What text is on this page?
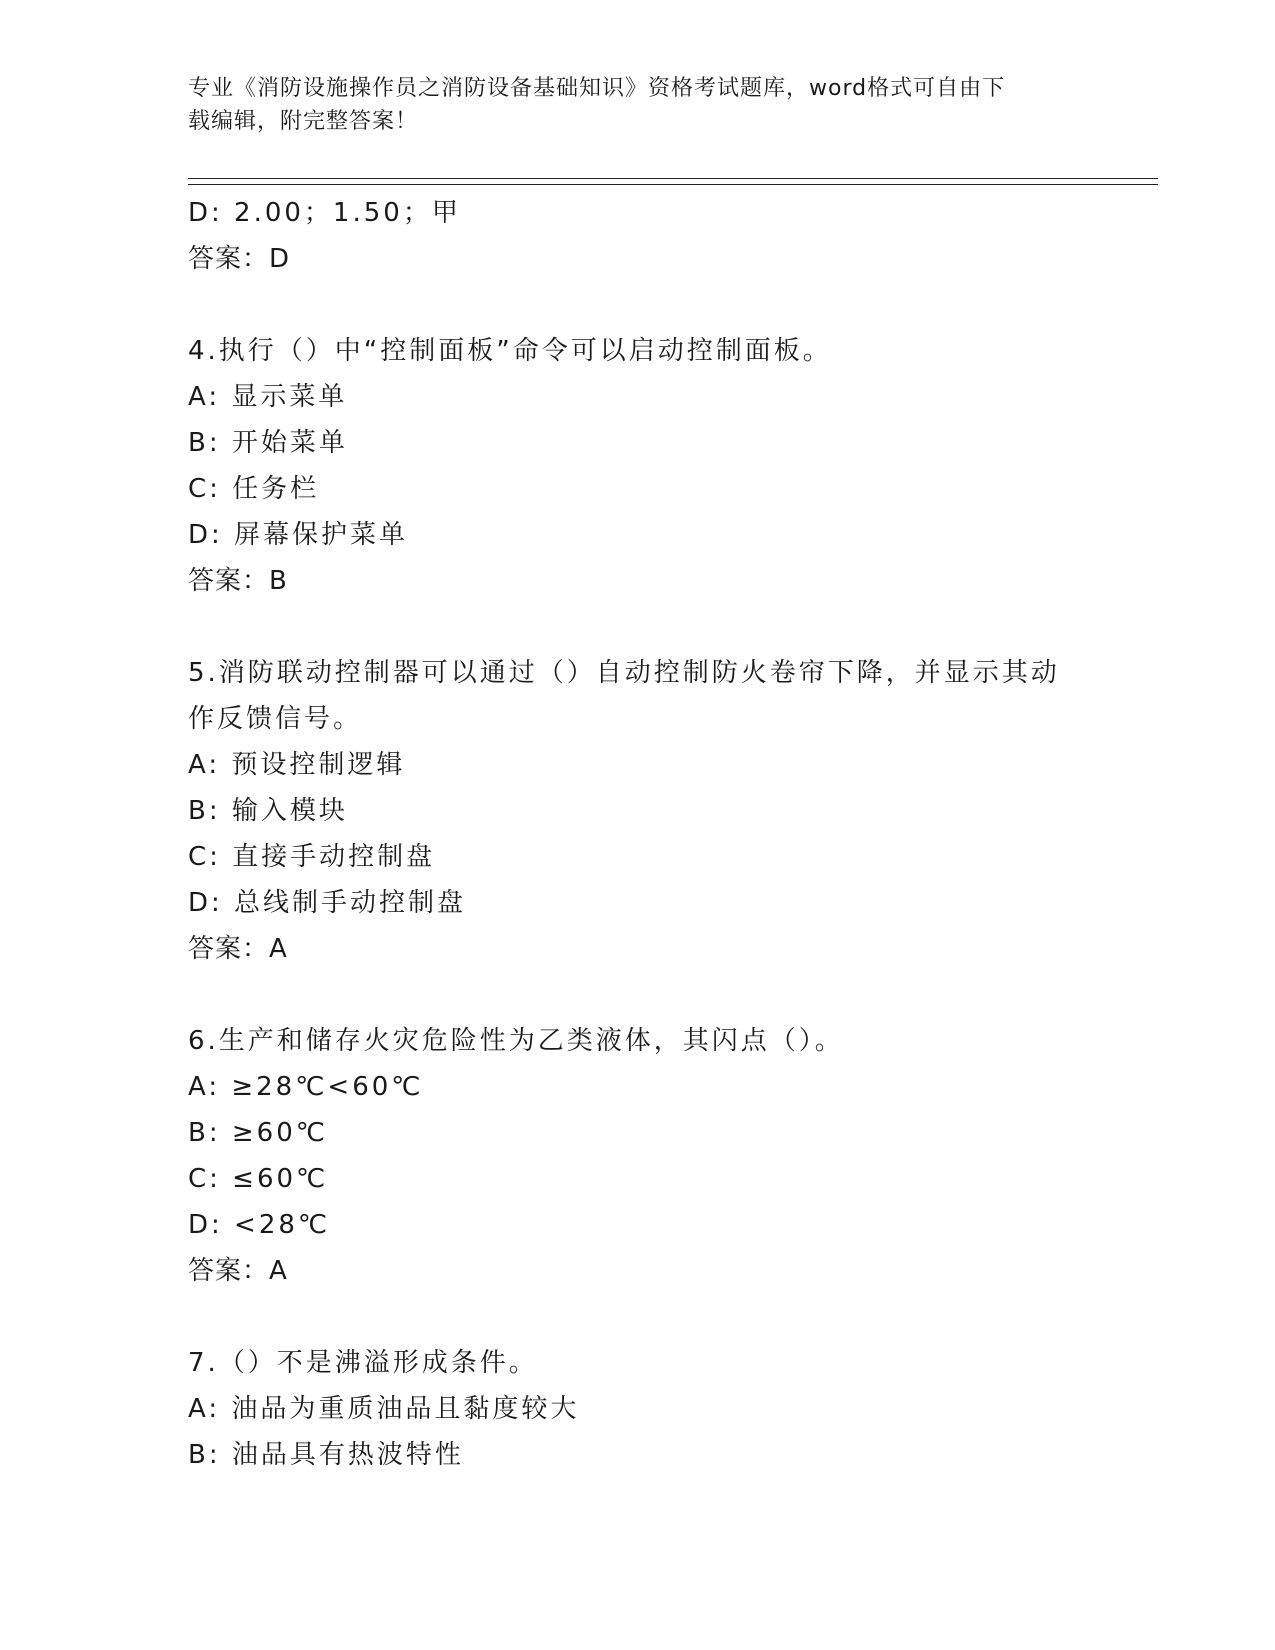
专业《消防设施操作员之消防设备基础知识》资格考试题库，word格式可自由下
载编辑，附完整答案！
D: 2.00；1.50；甲
答案：D
4.执行（）中“控制面板”命令可以启动控制面板。
A: 显示菜单
B: 开始菜单
C: 任务栏
D: 屏幕保护菜单
答案：B
5.消防联动控制器可以通过（）自动控制防火卷帘下降，并显示其动
作反馈信号。
A: 预设控制逻辑
B: 输入模块
C: 直接手动控制盘
D: 总线制手动控制盘
答案：A
6.生产和储存火灾危险性为乙类液体，其闪点（）。
A: ≥28℃<60℃
B: ≥60℃
C: ≤60℃
D: <28℃
答案：A
7.（）不是沸溢形成条件。
A: 油品为重质油品且黏度较大
B: 油品具有热波特性
